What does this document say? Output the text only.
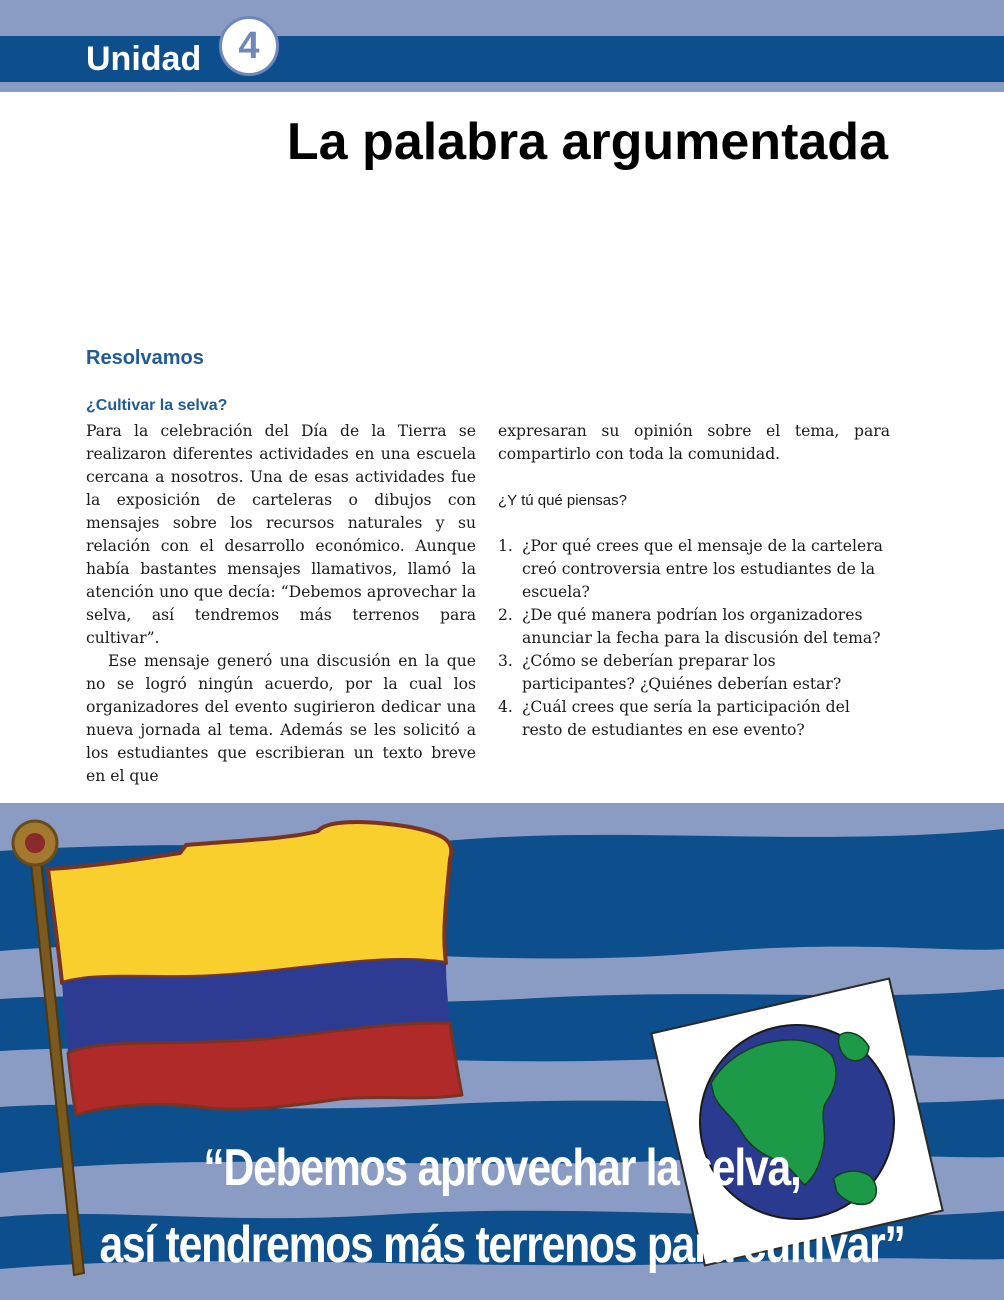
Unidad 4
La palabra argumentada
Resolvamos
¿Cultivar la selva?

Para la celebración del Día de la Tierra se realizaron diferentes actividades en una escuela cercana a nosotros. Una de esas actividades fue la exposición de carteleras o dibujos con mensajes sobre los recursos naturales y su relación con el desarrollo económico. Aunque había bastantes mensajes llamativos, llamó la atención uno que decía: “Debemos aprovechar la selva, así tendremos más terrenos para cultivar”.

Ese mensaje generó una discusión en la que no se logró ningún acuerdo, por la cual los organizadores del evento sugirieron dedicar una nueva jornada al tema. Además se les solicitó a los estudiantes que escribieran un texto breve en el que

expresaran su opinión sobre el tema, para compartirlo con toda la comunidad.

¿Y tú qué piensas?

1. ¿Por qué crees que el mensaje de la cartelera creó controversia entre los estudiantes de la escuela?
2. ¿De qué manera podrían los organizadores anunciar la fecha para la discusión del tema?
3. ¿Cómo se deberían preparar los participantes? ¿Quiénes deberían estar?
4. ¿Cuál crees que sería la participación del resto de estudiantes en ese evento?

“Debemos aprovechar la selva,

así tendremos más terrenos para cultivar”
